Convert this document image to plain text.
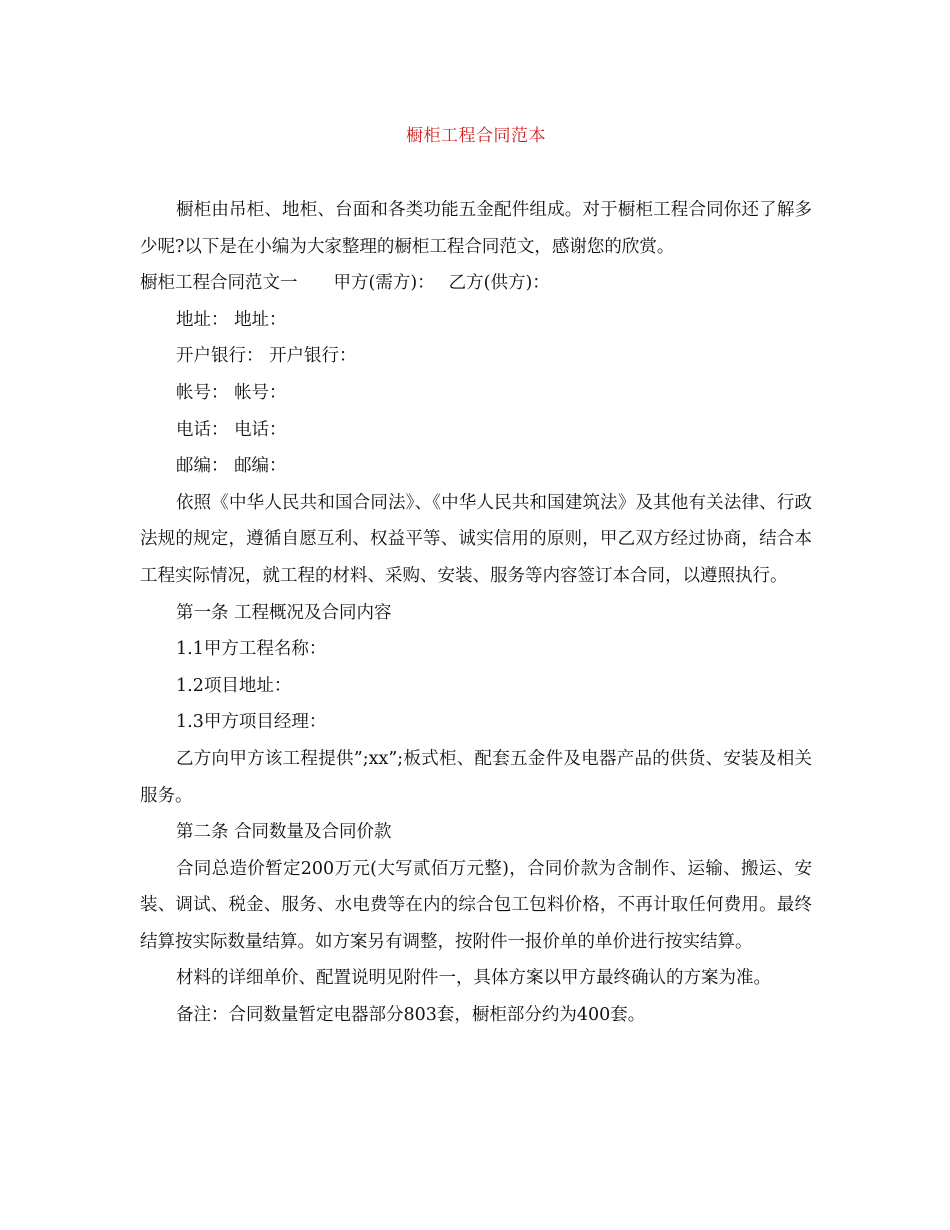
橱柜工程合同范本

橱柜由吊柜、地柜、台面和各类功能五金配件组成。对于橱柜工程合同你还了解多少呢?以下是在小编为大家整理的橱柜工程合同范文，感谢您的欣赏。

橱柜工程合同范文一 甲方(需方)： 乙方(供方)：

地址： 地址：

开户银行： 开户银行：

帐号： 帐号：

电话： 电话：

邮编： 邮编：

依照《中华人民共和国合同法》、《中华人民共和国建筑法》及其他有关法律、行政法规的规定，遵循自愿互利、权益平等、诚实信用的原则，甲乙双方经过协商，结合本工程实际情况，就工程的材料、采购、安装、服务等内容签订本合同，以遵照执行。

第一条 工程概况及合同内容

1.1甲方工程名称：

1.2项目地址：

1.3甲方项目经理：

乙方向甲方该工程提供”;xx”;板式柜、配套五金件及电器产品的供货、安装及相关服务。

第二条 合同数量及合同价款

合同总造价暂定200万元(大写贰佰万元整)，合同价款为含制作、运输、搬运、安装、调试、税金、服务、水电费等在内的综合包工包料价格，不再计取任何费用。最终结算按实际数量结算。如方案另有调整，按附件一报价单的单价进行按实结算。

材料的详细单价、配置说明见附件一，具体方案以甲方最终确认的方案为准。

备注：合同数量暂定电器部分803套，橱柜部分约为400套。
